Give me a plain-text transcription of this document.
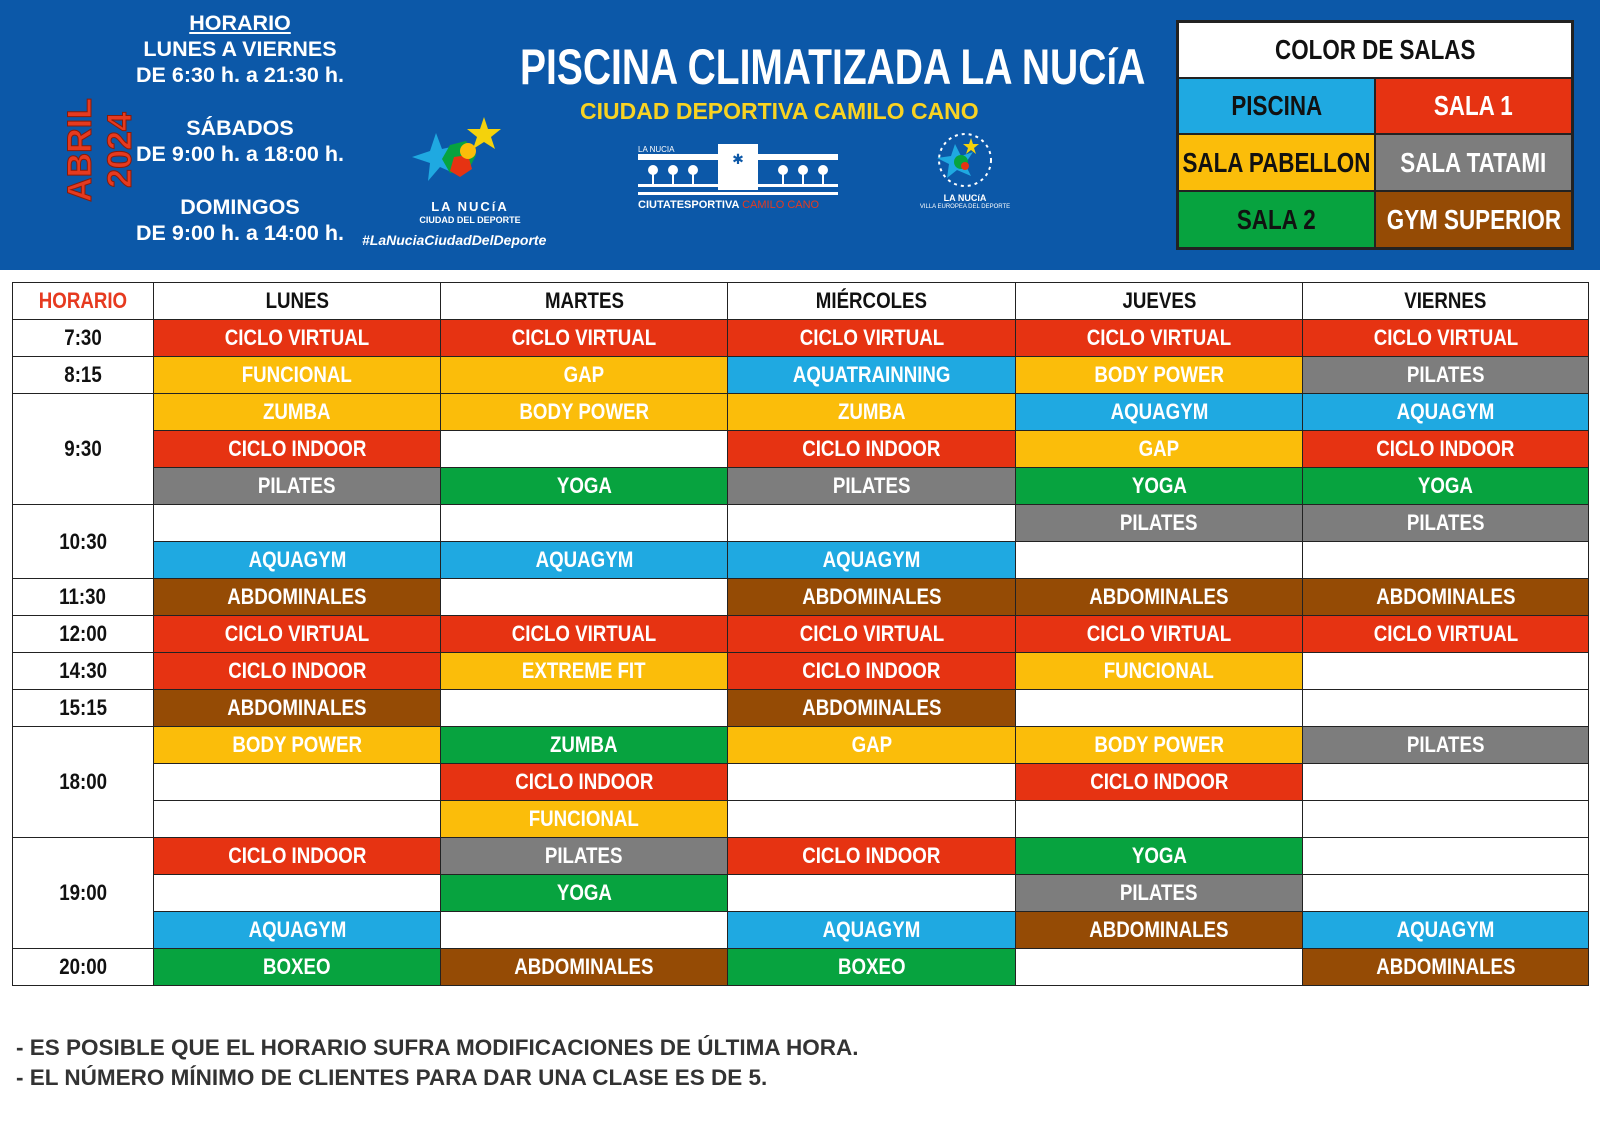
ABRIL 2024
HORARIO
LUNES A VIERNES
DE 6:30 h. a 21:30 h.
SÁBADOS
DE 9:00 h. a 18:00 h.
DOMINGOS
DE 9:00 h. a 14:00 h.
LA NUCíA
CIUDAD DEL DEPORTE
#LaNuciaCiudadDelDeporte
PISCINA CLIMATIZADA LA NUCíA
CIUDAD DEPORTIVA CAMILO CANO
✱
LA NUCIA
CIUTATESPORTIVA CAMILO CANO
LA NUCíA
VILLA EUROPEA DEL DEPORTE
COLOR DE SALAS
PISCINA	SALA 1
SALA PABELLON SALA TATAMI
SALA 2	GYM SUPERIOR
HORARIO	LUNES	MARTES	MIÉRCOLES	JUEVES	VIERNES
7:30	CICLO VIRTUAL	CICLO VIRTUAL	CICLO VIRTUAL	CICLO VIRTUAL	CICLO VIRTUAL
8:15	FUNCIONAL	GAP	AQUATRAINNING	BODY POWER	PILATES
9:30	ZUMBA	BODY POWER	ZUMBA	AQUAGYM	AQUAGYM
	CICLO INDOOR		CICLO INDOOR	GAP	CICLO INDOOR
	PILATES	YOGA	PILATES	YOGA	YOGA
10:30				PILATES	PILATES
	AQUAGYM	AQUAGYM	AQUAGYM		
11:30	ABDOMINALES		ABDOMINALES	ABDOMINALES	ABDOMINALES
12:00	CICLO VIRTUAL	CICLO VIRTUAL	CICLO VIRTUAL	CICLO VIRTUAL	CICLO VIRTUAL
14:30	CICLO INDOOR	EXTREME FIT	CICLO INDOOR	FUNCIONAL	
15:15	ABDOMINALES		ABDOMINALES		
18:00	BODY POWER	ZUMBA	GAP	BODY POWER	PILATES
		CICLO INDOOR		CICLO INDOOR	
		FUNCIONAL			
19:00	CICLO INDOOR	PILATES	CICLO INDOOR	YOGA	
		YOGA		PILATES	
	AQUAGYM		AQUAGYM	ABDOMINALES	AQUAGYM
20:00	BOXEO	ABDOMINALES	BOXEO		ABDOMINALES
- ES POSIBLE QUE EL HORARIO SUFRA MODIFICACIONES DE ÚLTIMA HORA.
- EL NÚMERO MÍNIMO DE CLIENTES PARA DAR UNA CLASE ES DE 5.
